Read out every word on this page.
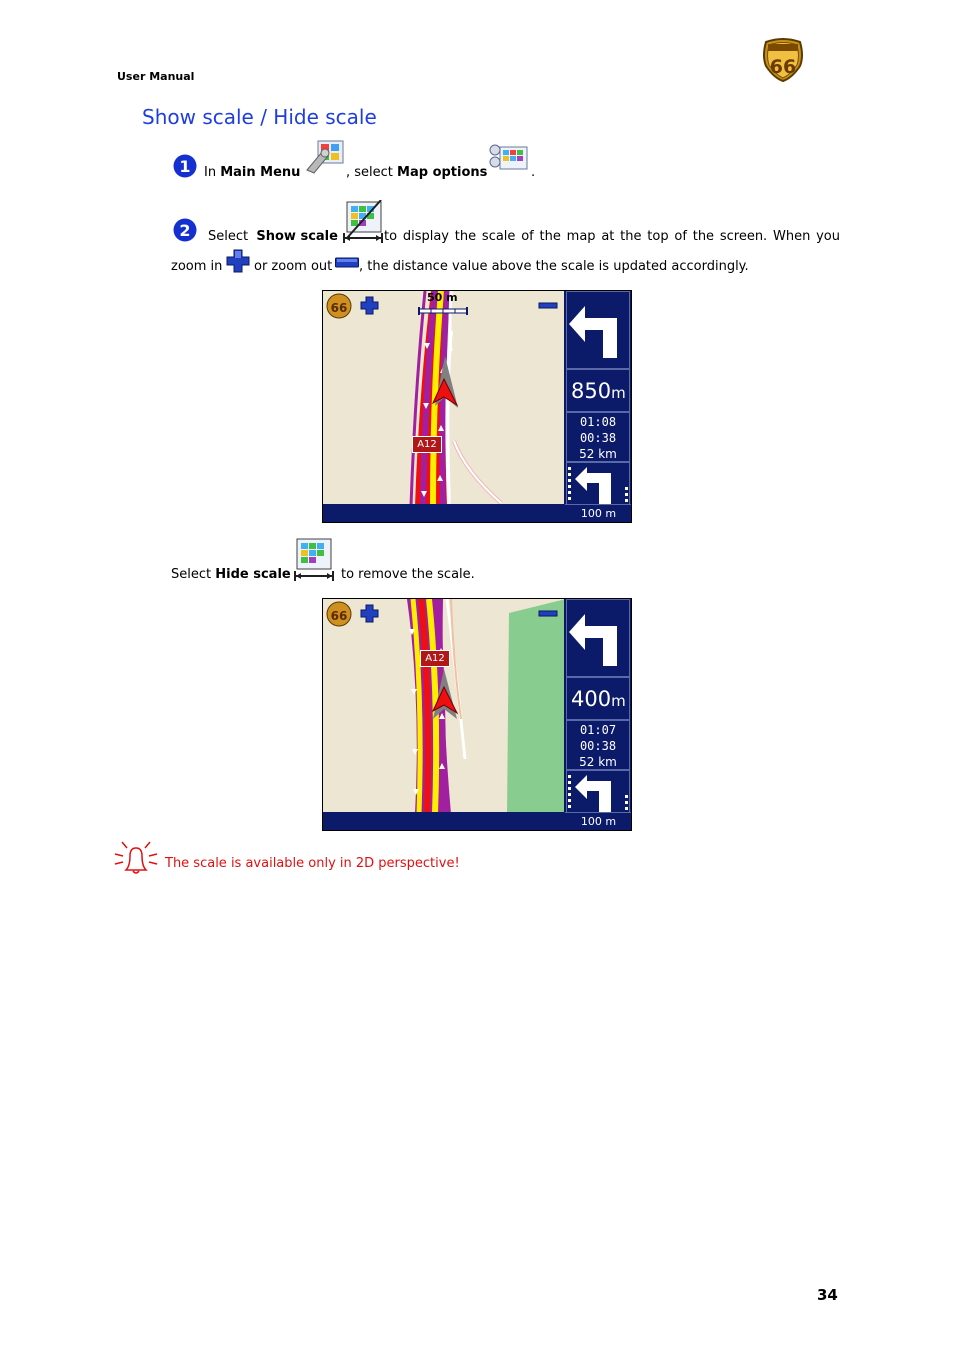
User Manual	66
Show scale / Hide scale
1 In Main Menu	, select Map options	.
2 Select Show scale	to display the scale of the map at the top of the screen. When you
zoom in or zoom out , the distance value above the scale is updated accordingly.
66
50 m
A12
850m
01:08
00:38
52 km
100 m
Select Hide scale	to remove the scale.
66
A12
400m
01:07
00:38
52 km
100 m
The scale is available only in 2D perspective!
34
